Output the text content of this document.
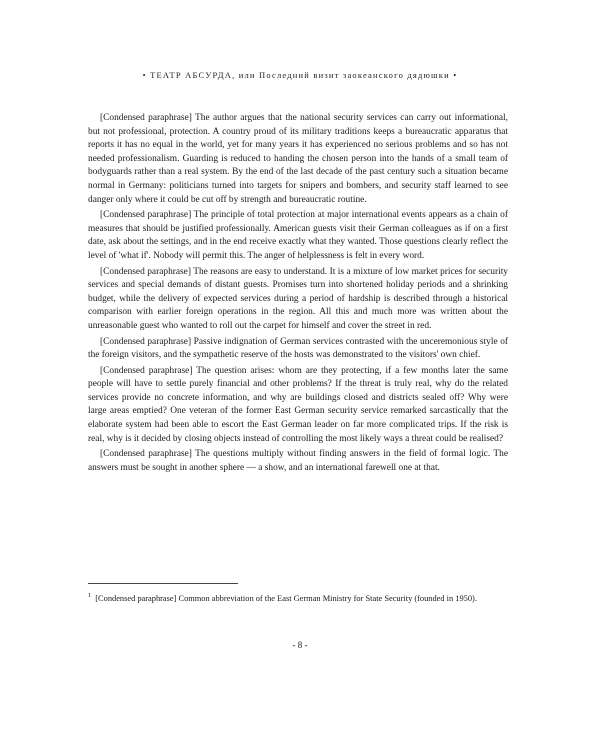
• ТЕАТР АБСУРДА, или Последний визит заокеанского дядюшки •

[Condensed paraphrase] The author argues that the national security services can carry out informational, but not professional, protection. A country proud of its military traditions keeps a bureaucratic apparatus that reports it has no equal in the world, yet for many years it has experienced no serious problems and so has not needed professionalism. Guarding is reduced to handing the chosen person into the hands of a small team of bodyguards rather than a real system. By the end of the last decade of the past century such a situation became normal in Germany: politicians turned into targets for snipers and bombers, and security staff learned to see danger only where it could be cut off by strength and bureaucratic routine.

[Condensed paraphrase] The principle of total protection at major international events appears as a chain of measures that should be justified professionally. American guests visit their German colleagues as if on a first date, ask about the settings, and in the end receive exactly what they wanted. Those questions clearly reflect the level of 'what if'. Nobody will permit this. The anger of helplessness is felt in every word.

[Condensed paraphrase] The reasons are easy to understand. It is a mixture of low market prices for security services and special demands of distant guests. Promises turn into shortened holiday periods and a shrinking budget, while the delivery of expected services during a period of hardship is described through a historical comparison with earlier foreign operations in the region. All this and much more was written about the unreasonable guest who wanted to roll out the carpet for himself and cover the street in red.

[Condensed paraphrase] Passive indignation of German services contrasted with the unceremonious style of the foreign visitors, and the sympathetic reserve of the hosts was demonstrated to the visitors' own chief.

[Condensed paraphrase] The question arises: whom are they protecting, if a few months later the same people will have to settle purely financial and other problems? If the threat is truly real, why do the related services provide no concrete information, and why are buildings closed and districts sealed off? Why were large areas emptied? One veteran of the former East German security service remarked sarcastically that the elaborate system had been able to escort the East German leader on far more complicated trips. If the risk is real, why is it decided by closing objects instead of controlling the most likely ways a threat could be realised?

[Condensed paraphrase] The questions multiply without finding answers in the field of formal logic. The answers must be sought in another sphere — a show, and an international farewell one at that.

$^1$ [Condensed paraphrase] Common abbreviation of the East German Ministry for State Security (founded in 1950).
- 8 -
